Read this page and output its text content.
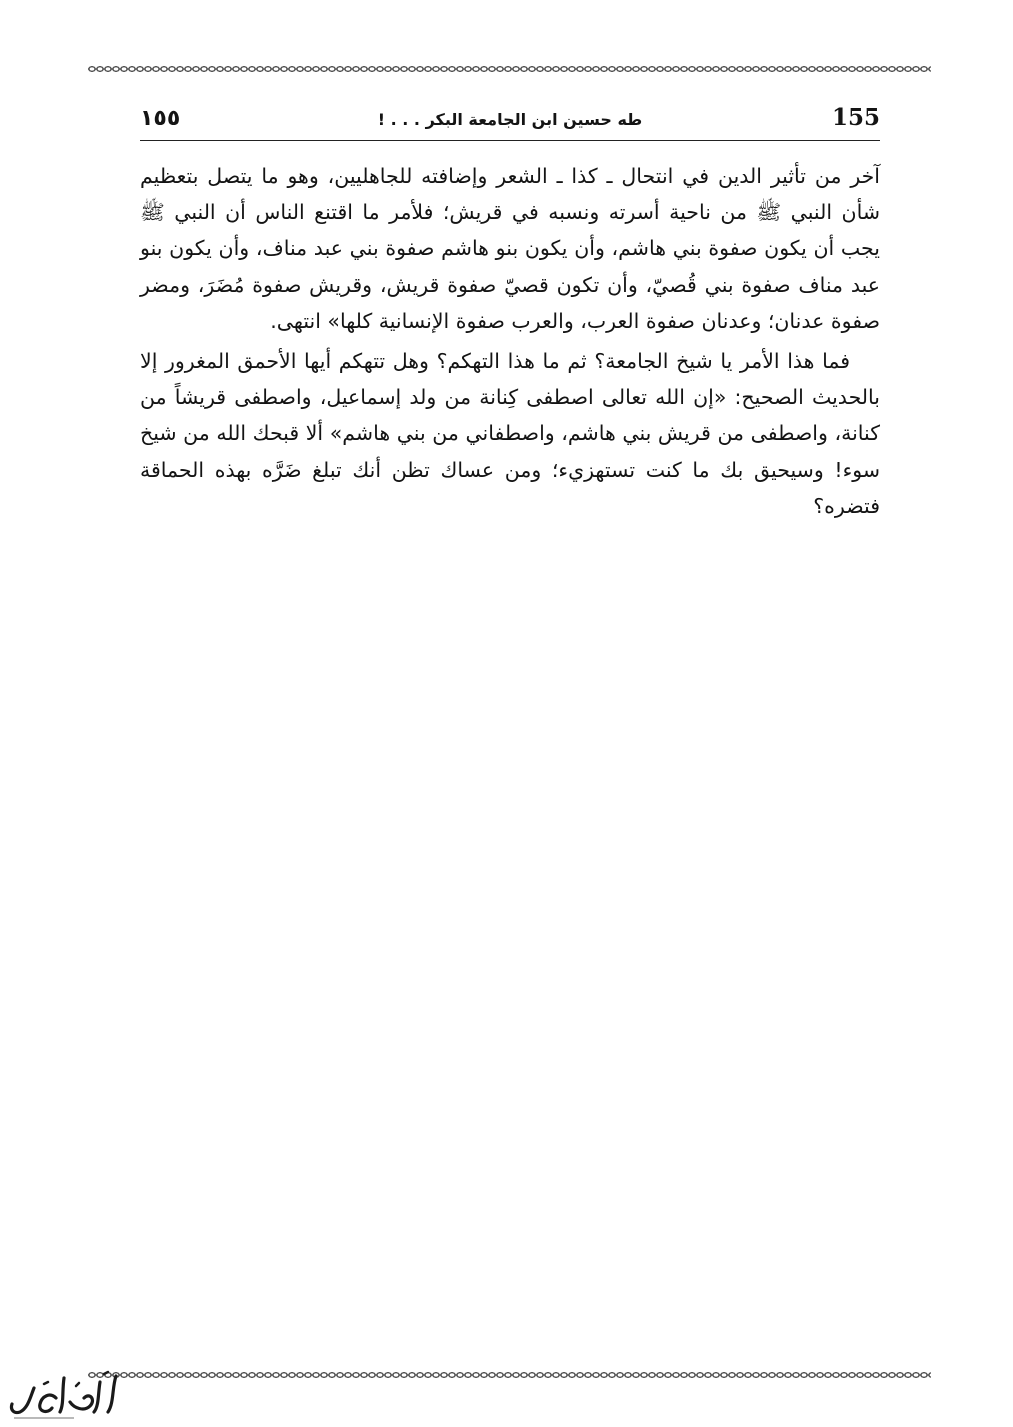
١٥٥	طه حسين ابن الجامعة البكر . . . !	155

آخر من تأثير الدين في انتحال ـ كذا ـ الشعر وإضافته للجاهليين، وهو ما يتصل بتعظيم شأن النبي ﷺ من ناحية أسرته ونسبه في قريش؛ فلأمر ما اقتنع الناس أن النبي ﷺ يجب أن يكون صفوة بني هاشم، وأن يكون بنو هاشم صفوة بني عبد مناف، وأن يكون بنو عبد مناف صفوة بني قُصيّ، وأن تكون قصيّ صفوة قريش، وقريش صفوة مُضَرَ، ومضر صفوة عدنان؛ وعدنان صفوة العرب، والعرب صفوة الإنسانية كلها» انتهى.

فما هذا الأمر يا شيخ الجامعة؟ ثم ما هذا التهكم؟ وهل تتهكم أيها الأحمق المغرور إلا بالحديث الصحيح: «إن الله تعالى اصطفى كِنانة من ولد إسماعيل، واصطفى قريشاً من كنانة، واصطفى من قريش بني هاشم، واصطفاني من بني هاشم» ألا قبحك الله من شيخ سوء! وسيحيق بك ما كنت تستهزيء؛ ومن عساك تظن أنك تبلغ ضَرَّه بهذه الحماقة فتضره؟
